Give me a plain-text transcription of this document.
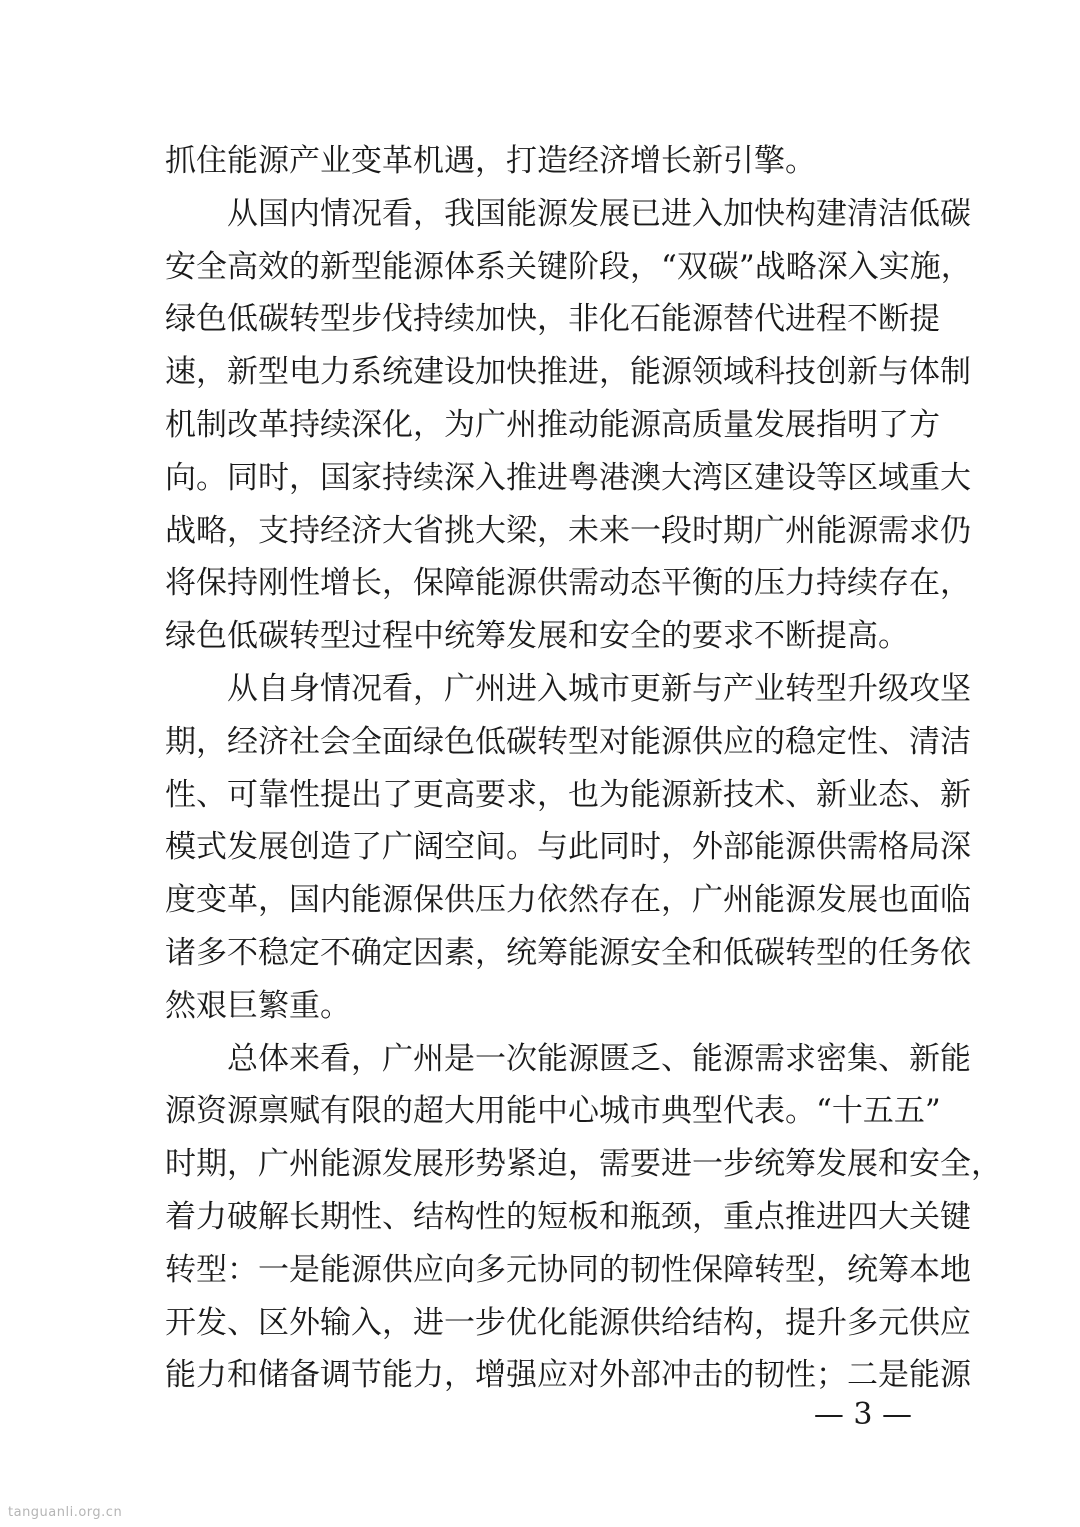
抓住能源产业变革机遇，打造经济增长新引擎。
从国内情况看，我国能源发展已进入加快构建清洁低碳
安全高效的新型能源体系关键阶段，“双碳”战略深入实施，
绿色低碳转型步伐持续加快，非化石能源替代进程不断提
速，新型电力系统建设加快推进，能源领域科技创新与体制
机制改革持续深化，为广州推动能源高质量发展指明了方
向。同时，国家持续深入推进粤港澳大湾区建设等区域重大
战略，支持经济大省挑大梁，未来一段时期广州能源需求仍
将保持刚性增长，保障能源供需动态平衡的压力持续存在，
绿色低碳转型过程中统筹发展和安全的要求不断提高。
从自身情况看，广州进入城市更新与产业转型升级攻坚
期，经济社会全面绿色低碳转型对能源供应的稳定性、清洁
性、可靠性提出了更高要求，也为能源新技术、新业态、新
模式发展创造了广阔空间。与此同时，外部能源供需格局深
度变革，国内能源保供压力依然存在，广州能源发展也面临
诸多不稳定不确定因素，统筹能源安全和低碳转型的任务依
然艰巨繁重。
总体来看，广州是一次能源匮乏、能源需求密集、新能
源资源禀赋有限的超大用能中心城市典型代表。“十五五”
时期，广州能源发展形势紧迫，需要进一步统筹发展和安全，
着力破解长期性、结构性的短板和瓶颈，重点推进四大关键
转型：一是能源供应向多元协同的韧性保障转型，统筹本地
开发、区外输入，进一步优化能源供给结构，提升多元供应
能力和储备调节能力，增强应对外部冲击的韧性；二是能源
— 3 —
tanguanli.org.cn
